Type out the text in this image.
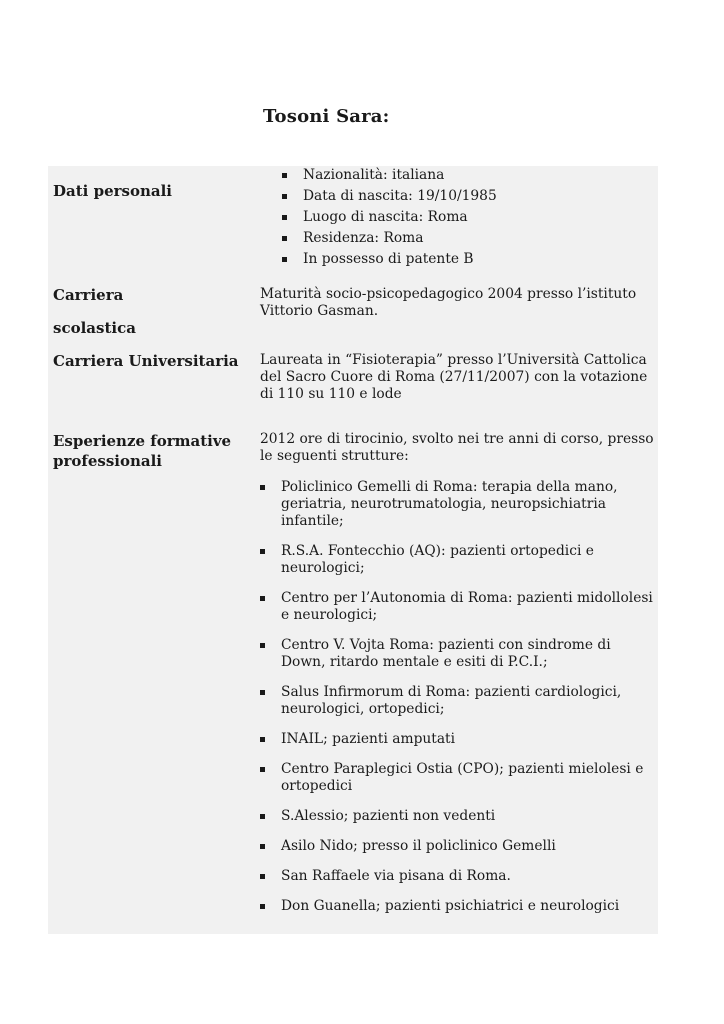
Tosoni Sara:
Dati personali
Nazionalità: italiana
Data di nascita: 19/10/1985
Luogo di nascita: Roma
Residenza: Roma
In possesso di patente B
Carriera
scolastica
Maturità socio-psicopedagogico 2004 presso l’istituto Vittorio Gasman.
Carriera Universitaria Laureata in “Fisioterapia” presso l’Università Cattolica del Sacro Cuore di Roma (27/11/2007) con la votazione di 110 su 110 e lode
Esperienze formative professionali
2012 ore di tirocinio, svolto nei tre anni di corso, presso le seguenti strutture:
Policlinico Gemelli di Roma: terapia della mano, geriatria, neurotrumatologia, neuropsichiatria infantile;
R.S.A. Fontecchio (AQ): pazienti ortopedici e neurologici;
Centro per l’Autonomia di Roma: pazienti midollolesi e neurologici;
Centro V. Vojta Roma: pazienti con sindrome di Down, ritardo mentale e esiti di P.C.I.;
Salus Infirmorum di Roma: pazienti cardiologici, neurologici, ortopedici;
INAIL; pazienti amputati
Centro Paraplegici Ostia (CPO); pazienti mielolesi e ortopedici
S.Alessio; pazienti non vedenti
Asilo Nido; presso il policlinico Gemelli
San Raffaele via pisana di Roma.
Don Guanella; pazienti psichiatrici e neurologici
